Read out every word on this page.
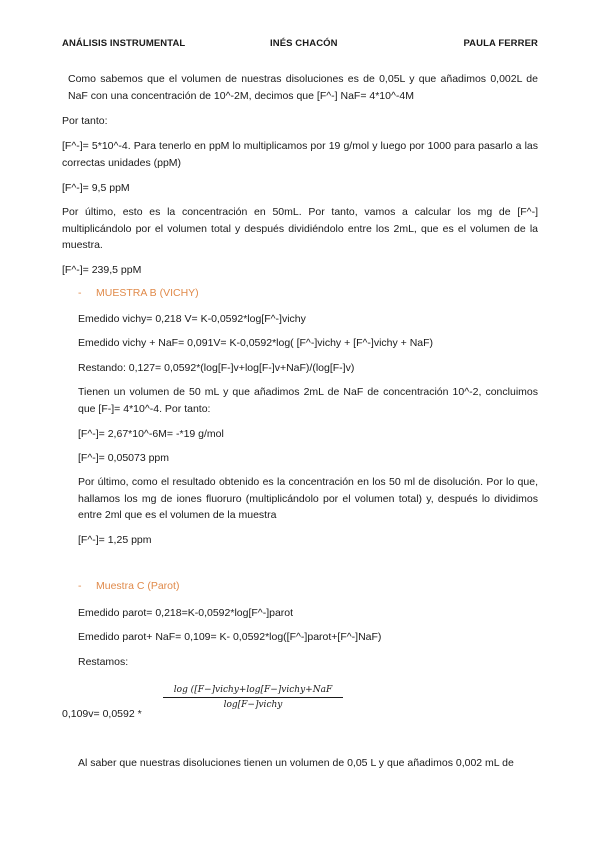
ANÁLISIS INSTRUMENTAL	INÉS CHACÓN	PAULA FERRER

Como sabemos que el volumen de nuestras disoluciones es de 0,05L y que añadimos 0,002L de NaF con una concentración de 10^-2M, decimos que [F^-] NaF= 4*10^-4M

Por tanto:

[F^-]= 5*10^-4. Para tenerlo en ppM lo multiplicamos por 19 g/mol y luego por 1000 para pasarlo a las correctas unidades (ppM)

[F^-]= 9,5 ppM

Por último, esto es la concentración en 50mL. Por tanto, vamos a calcular los mg de [F^-] multiplicándolo por el volumen total y después dividiéndolo entre los 2mL, que es el volumen de la muestra.

[F^-]= 239,5 ppM

- MUESTRA B (VICHY)

Emedido vichy= 0,218 V= K-0,0592*log[F^-]vichy

Emedido vichy + NaF= 0,091V= K-0,0592*log( [F^-]vichy + [F^-]vichy + NaF)

Restando: 0,127= 0,0592*(log[F-]v+log[F-]v+NaF)/(log[F-]v)

Tienen un volumen de 50 mL y que añadimos 2mL de NaF de concentración 10^-2, concluimos que [F-]= 4*10^-4. Por tanto:

[F^-]= 2,67*10^-6M= -*19 g/mol

[F^-]= 0,05073 ppm

Por último, como el resultado obtenido es la concentración en los 50 ml de disolución. Por lo que, hallamos los mg de iones fluoruro (multiplicándolo por el volumen total) y, después lo dividimos entre 2ml que es el volumen de la muestra

[F^-]= 1,25 ppm

- Muestra C (Parot)

Emedido parot= 0,218=K-0,0592*log[F^-]parot

Emedido parot+ NaF= 0,109= K- 0,0592*log([F^-]parot+[F^-]NaF)

Restamos:

log ([F−]vichy+log[F−]vichy+NaF
log[F−]vichy

0,109v= 0,0592 *

Al saber que nuestras disoluciones tienen un volumen de 0,05 L y que añadimos 0,002 mL de
